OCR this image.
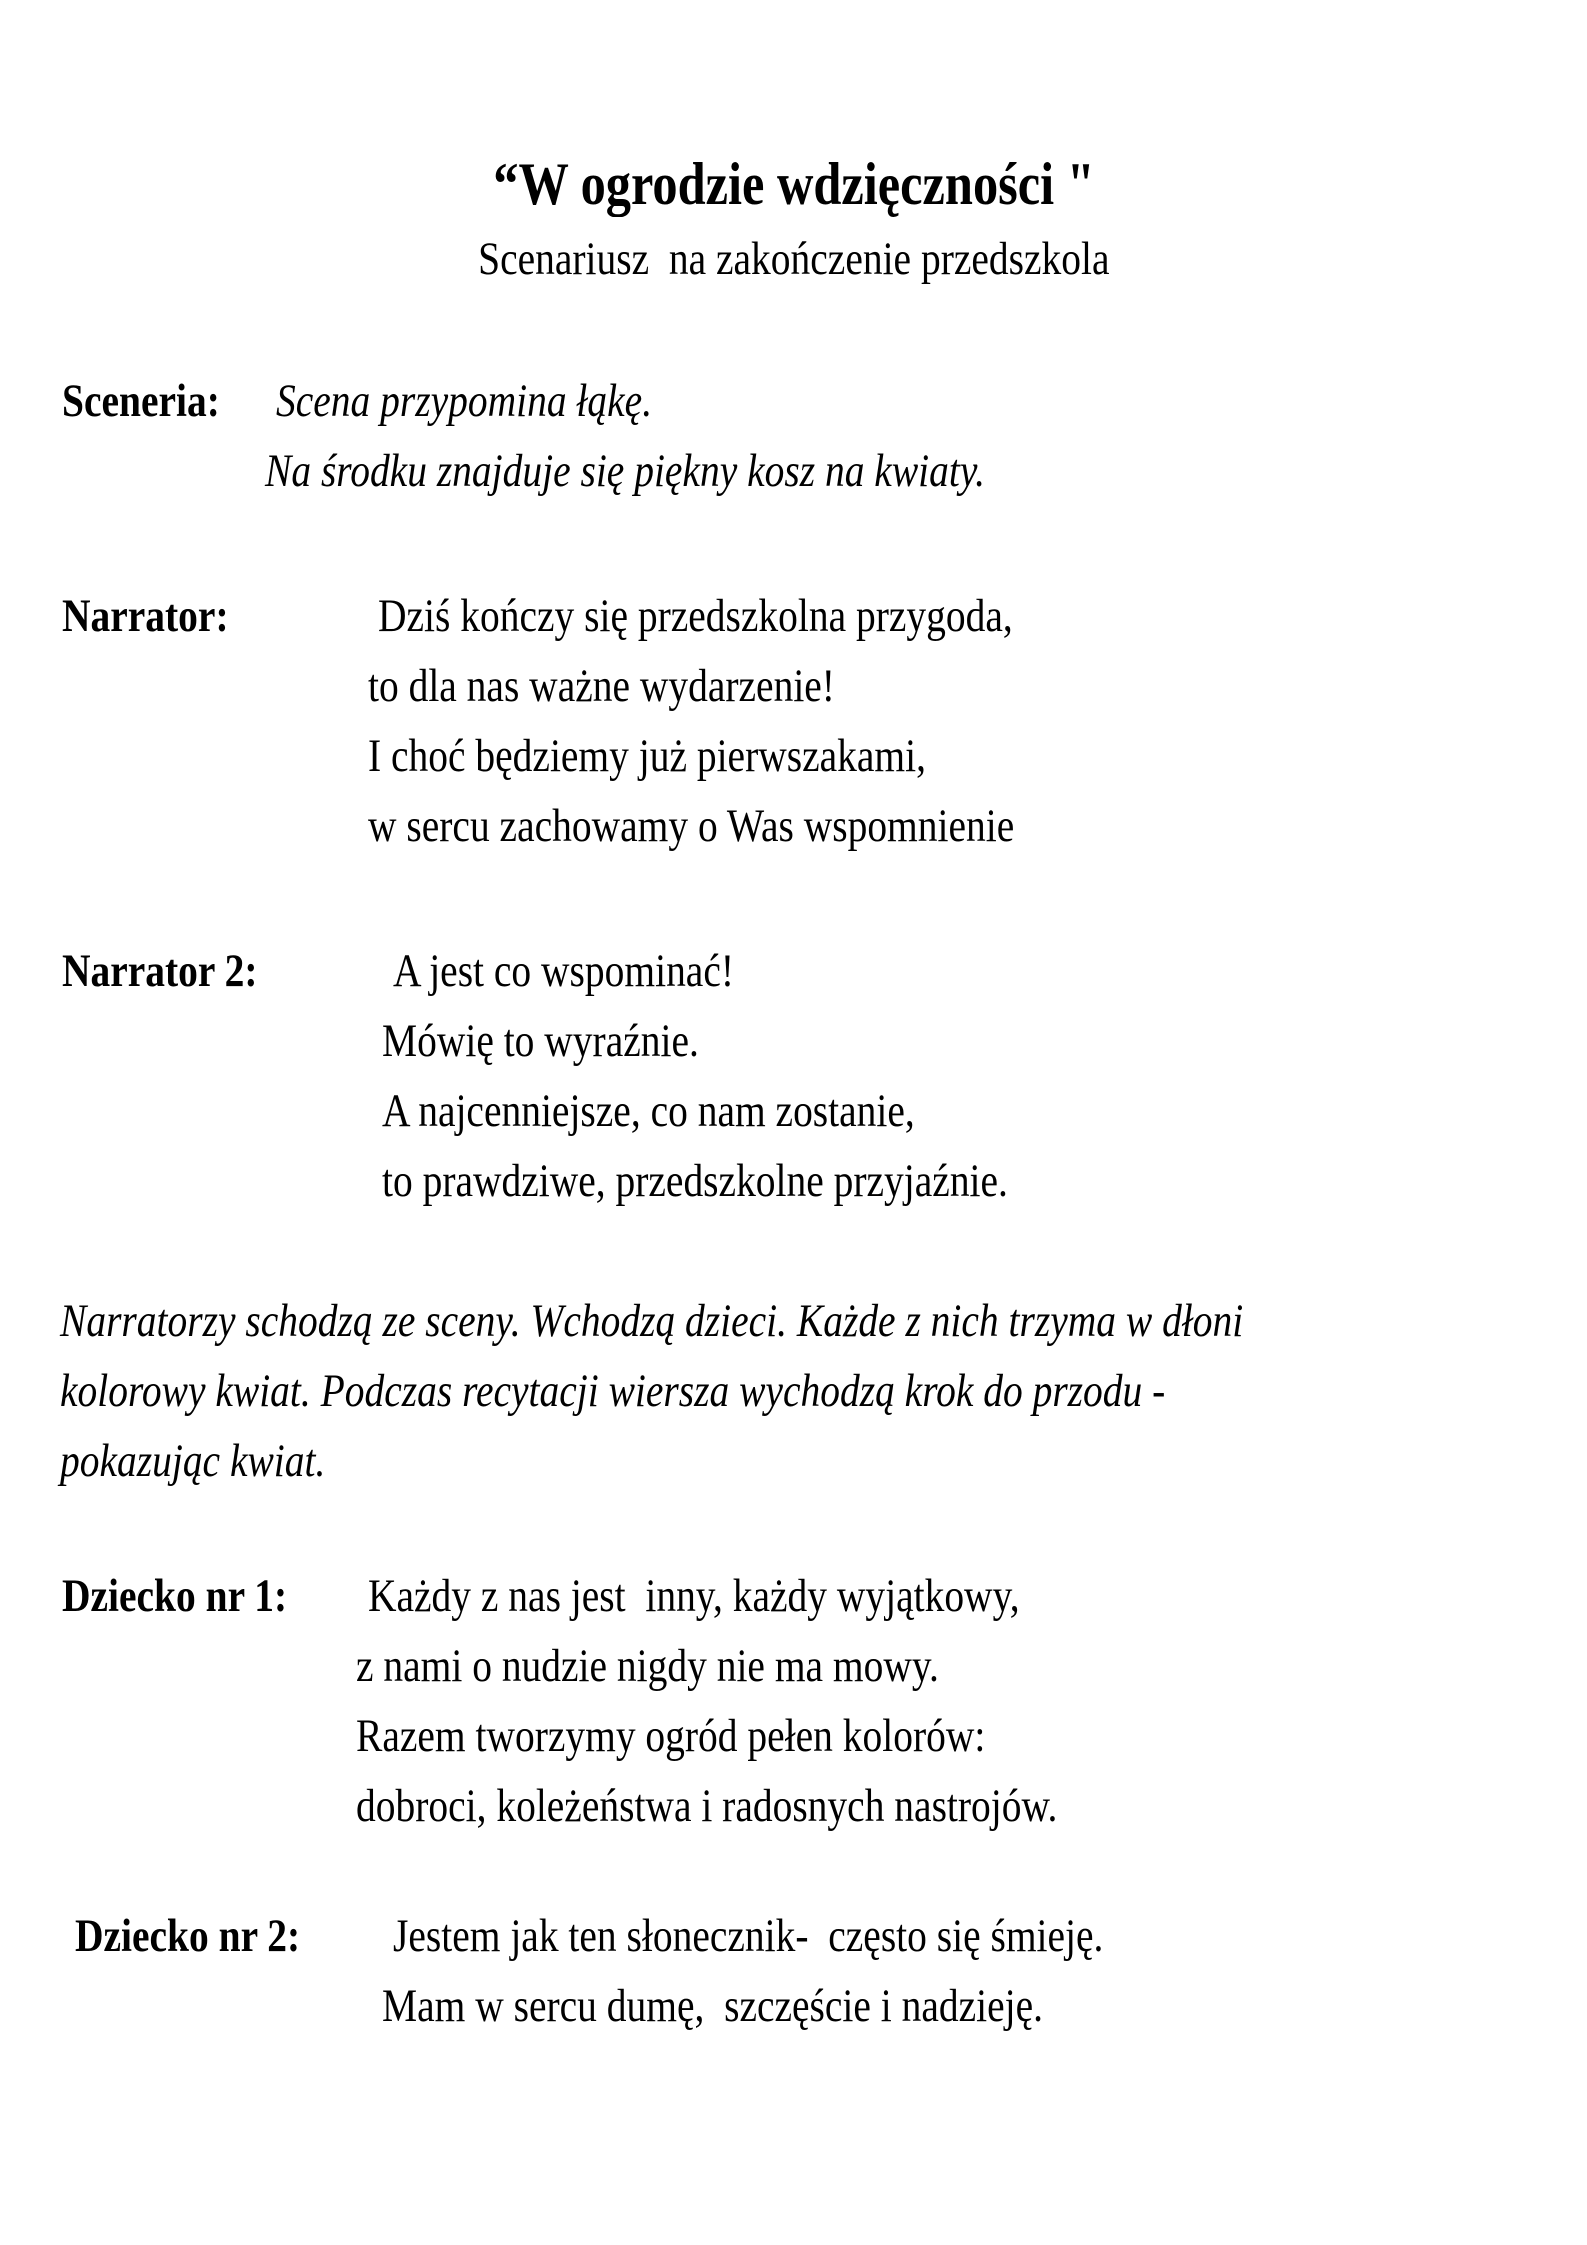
“W ogrodzie wdzięczności "
Scenariusz  na zakończenie przedszkola
Sceneria: Scena przypomina łąkę.
Na środku znajduje się piękny kosz na kwiaty.
Narrator:	Dziś kończy się przedszkolna przygoda,
to dla nas ważne wydarzenie!
I choć będziemy już pierwszakami,
w sercu zachowamy o Was wspomnienie
Narrator 2:	A jest co wspominać!
Mówię to wyraźnie.
A najcenniejsze, co nam zostanie,
to prawdziwe, przedszkolne przyjaźnie.
Narratorzy schodzą ze sceny. Wchodzą dzieci. Każde z nich trzyma w dłoni
kolorowy kwiat. Podczas recytacji wiersza wychodzą krok do przodu -
pokazując kwiat.
Dziecko nr 1: Każdy z nas jest  inny, każdy wyjątkowy,
z nami o nudzie nigdy nie ma mowy.
Razem tworzymy ogród pełen kolorów:
dobroci, koleżeństwa i radosnych nastrojów.
Dziecko nr 2: Jestem jak ten słonecznik-  często się śmieję.
Mam w sercu dumę,  szczęście i nadzieję.
